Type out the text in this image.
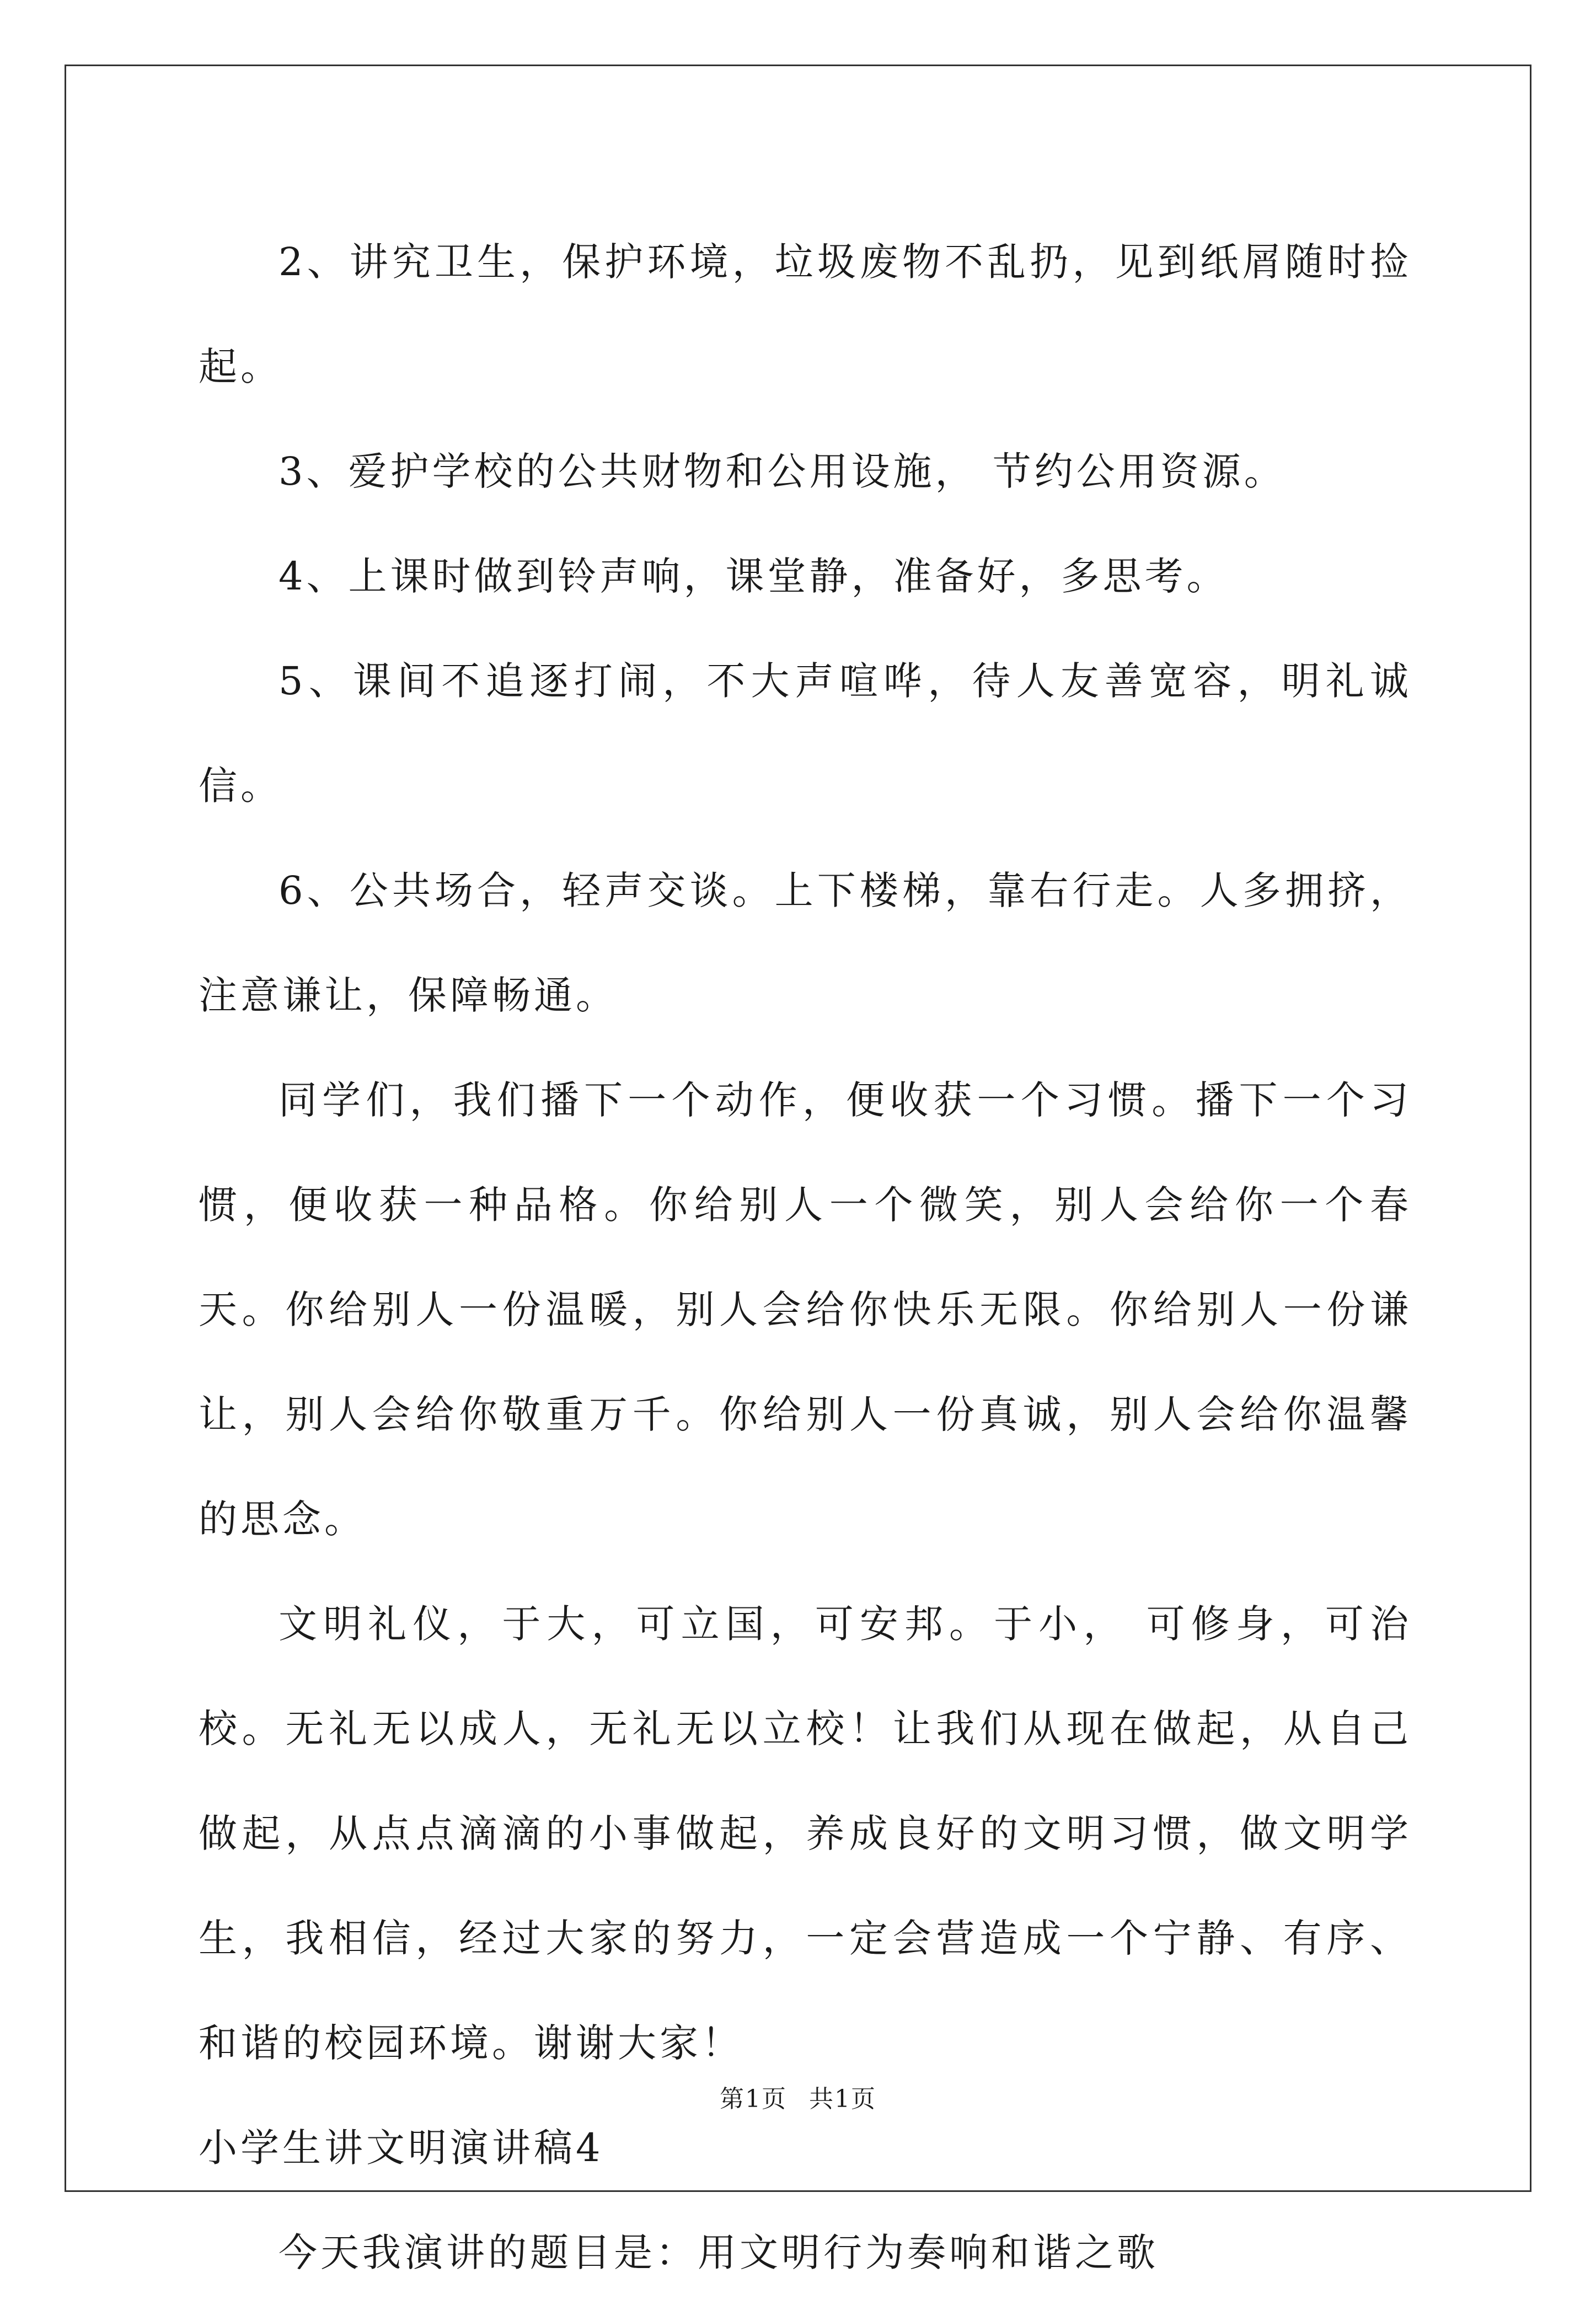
2、讲究卫生，保护环境，垃圾废物不乱扔，见到纸屑随时捡起。

3、爱护学校的公共财物和公用设施， 节约公用资源。

4、上课时做到铃声响，课堂静，准备好，多思考。

5、课间不追逐打闹，不大声喧哗，待人友善宽容，明礼诚信。

6、公共场合，轻声交谈。上下楼梯，靠右行走。人多拥挤，注意谦让，保障畅通。

同学们，我们播下一个动作，便收获一个习惯。播下一个习惯，便收获一种品格。你给别人一个微笑，别人会给你一个春天。你给别人一份温暖，别人会给你快乐无限。你给别人一份谦让，别人会给你敬重万千。你给别人一份真诚，别人会给你温馨的思念。

文明礼仪，于大，可立国，可安邦。于小， 可修身，可治校。无礼无以成人，无礼无以立校！让我们从现在做起，从自己做起，从点点滴滴的小事做起，养成良好的文明习惯，做文明学生，我相信，经过大家的努力，一定会营造成一个宁静、有序、和谐的校园环境。谢谢大家！

小学生讲文明演讲稿4

今天我演讲的题目是：用文明行为奏响和谐之歌

第1页 共1页
